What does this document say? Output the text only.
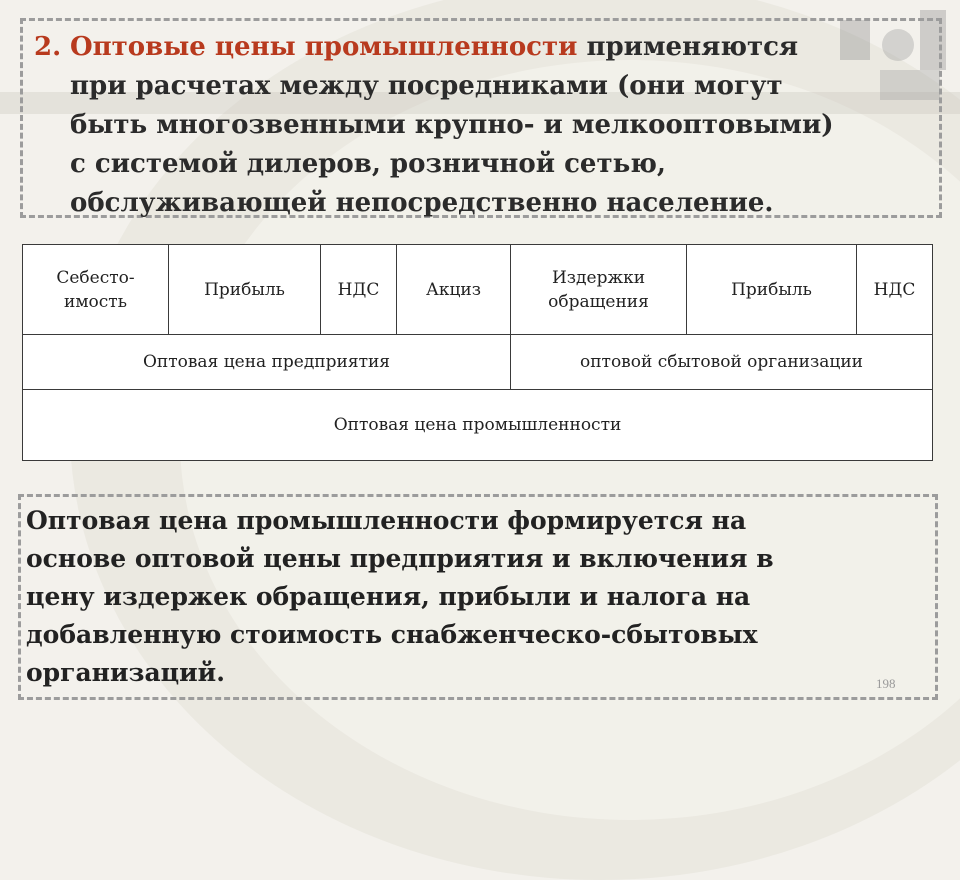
2. Оптовые цены промышленности применяются
при расчетах между посредниками (они могут
быть многозвенными крупно- и мелкооптовыми)
с системой дилеров, розничной сетью,
обслуживающей непосредственно население.
Себесто-имость	Прибыль	НДС	Акциз	Издержки обращения	Прибыль	НДС
Оптовая цена предприятия				оптовой сбытовой организации		
Оптовая цена промышленности						
Оптовая цена промышленности формируется на
основе оптовой цены предприятия и включения в
цену издержек обращения, прибыли и налога на
добавленную стоимость снабженческо-сбытовых
организаций.	198
